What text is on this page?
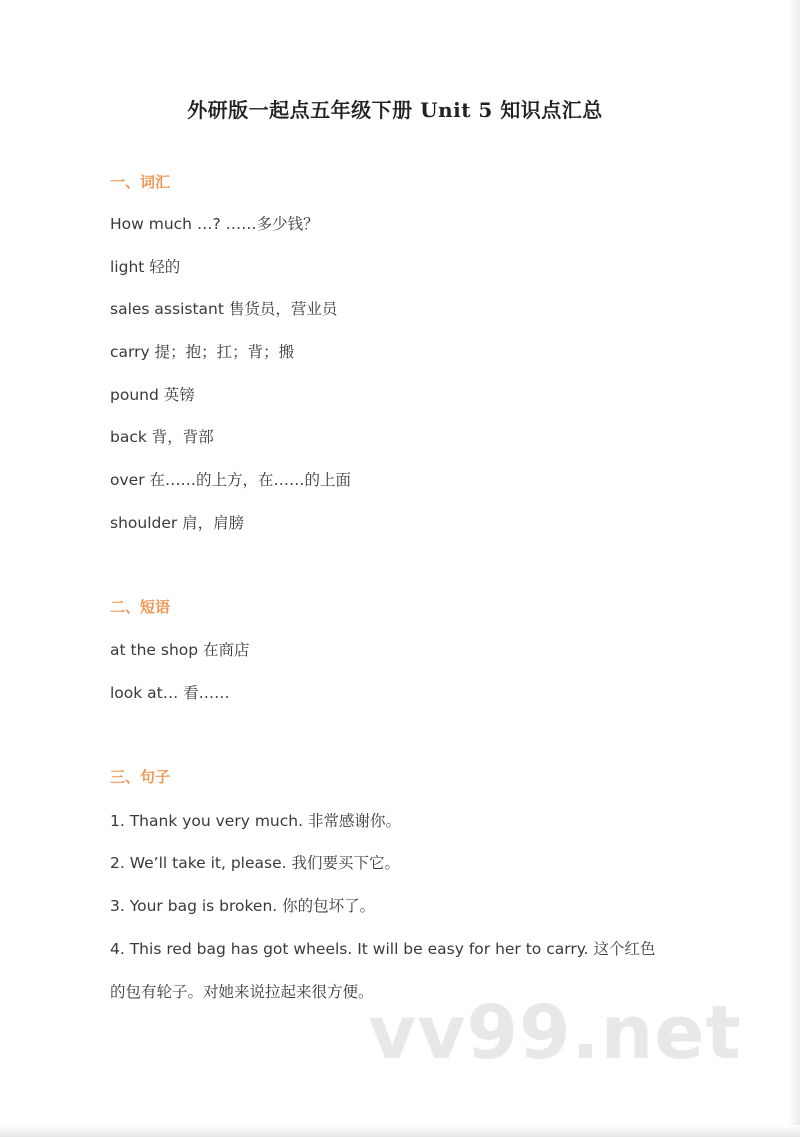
外研版一起点五年级下册 Unit 5 知识点汇总
一、词汇
How much …? ……多少钱？
light 轻的
sales assistant 售货员，营业员
carry 提；抱；扛；背；搬
pound 英镑
back 背，背部
over 在……的上方，在……的上面
shoulder 肩，肩膀
二、短语
at the shop 在商店
look at… 看……
三、句子
1. Thank you very much. 非常感谢你。
2. We’ll take it, please. 我们要买下它。
3. Your bag is broken. 你的包坏了。
4. This red bag has got wheels. It will be easy for her to carry. 这个红色
的包有轮子。对她来说拉起来很方便。
vv99.net
